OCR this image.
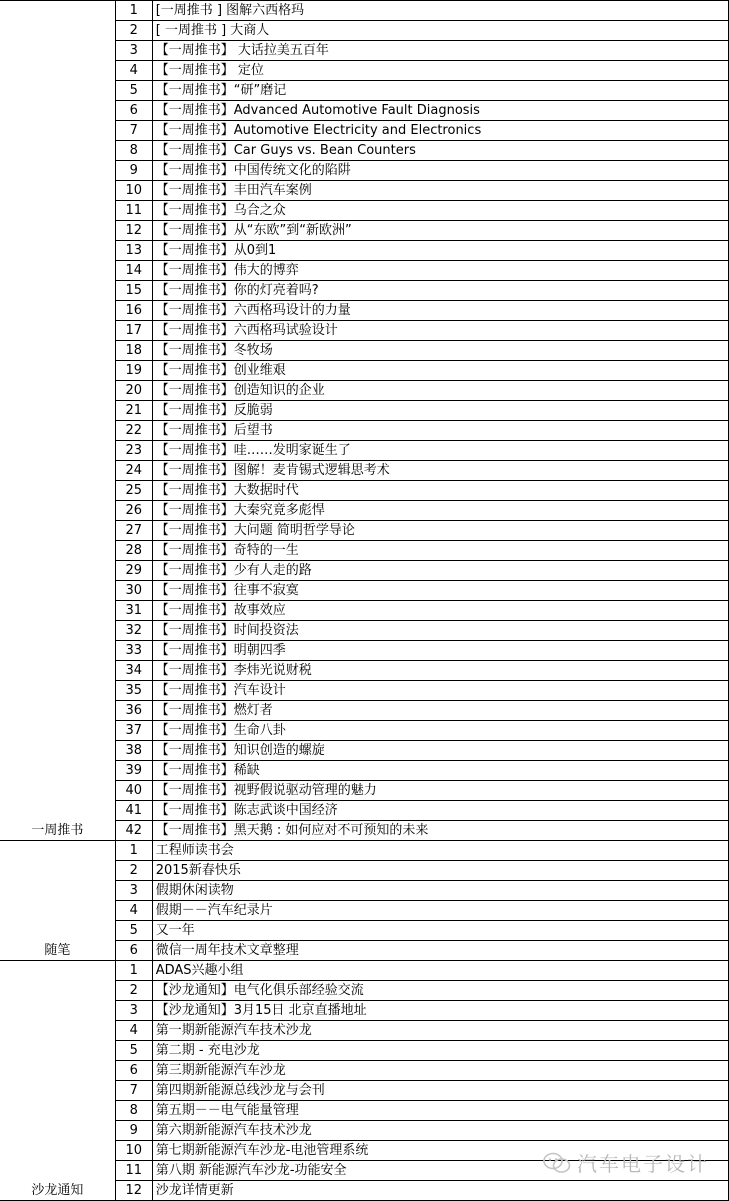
一周推书	1	[一周推书 ] 图解六西格玛
	2	[ 一周推书 ] 大商人
	3	【一周推书】 大话拉美五百年
	4	【一周推书】 定位
	5	【一周推书】“研”磨记
	6	【一周推书】Advanced Automotive Fault Diagnosis
	7	【一周推书】Automotive Electricity and Electronics
	8	【一周推书】Car Guys vs. Bean Counters
	9	【一周推书】中国传统文化的陷阱
	10	【一周推书】丰田汽车案例
	11	【一周推书】乌合之众
	12	【一周推书】从“东欧”到“新欧洲”
	13	【一周推书】从0到1
	14	【一周推书】伟大的博弈
	15	【一周推书】你的灯亮着吗?
	16	【一周推书】六西格玛设计的力量
	17	【一周推书】六西格玛试验设计
	18	【一周推书】冬牧场
	19	【一周推书】创业维艰
	20	【一周推书】创造知识的企业
	21	【一周推书】反脆弱
	22	【一周推书】后望书
	23	【一周推书】哇……发明家诞生了
	24	【一周推书】图解！麦肯锡式逻辑思考术
	25	【一周推书】大数据时代
	26	【一周推书】大秦究竟多彪悍
	27	【一周推书】大问题 简明哲学导论
	28	【一周推书】奇特的一生
	29	【一周推书】少有人走的路
	30	【一周推书】往事不寂寞
	31	【一周推书】故事效应
	32	【一周推书】时间投资法
	33	【一周推书】明朝四季
	34	【一周推书】李炜光说财税
	35	【一周推书】汽车设计
	36	【一周推书】燃灯者
	37	【一周推书】生命八卦
	38	【一周推书】知识创造的螺旋
	39	【一周推书】稀缺
	40	【一周推书】视野假说驱动管理的魅力
	41	【一周推书】陈志武谈中国经济
	42	【一周推书】黑天鹅 : 如何应对不可预知的未来
随笔	1	工程师读书会
	2	2015新春快乐
	3	假期休闲读物
	4	假期－－汽车纪录片
	5	又一年
	6	微信一周年技术文章整理
沙龙通知	1	ADAS兴趣小组
	2	【沙龙通知】电气化俱乐部经验交流
	3	【沙龙通知】3月15日 北京直播地址
	4	第一期新能源汽车技术沙龙
	5	第二期 - 充电沙龙
	6	第三期新能源汽车沙龙
	7	第四期新能源总线沙龙与会刊
	8	第五期－－电气能量管理
	9	第六期新能源汽车技术沙龙
	10	第七期新能源汽车沙龙-电池管理系统
	11	第八期 新能源汽车沙龙-功能安全
	12	沙龙详情更新
汽车电子设计
